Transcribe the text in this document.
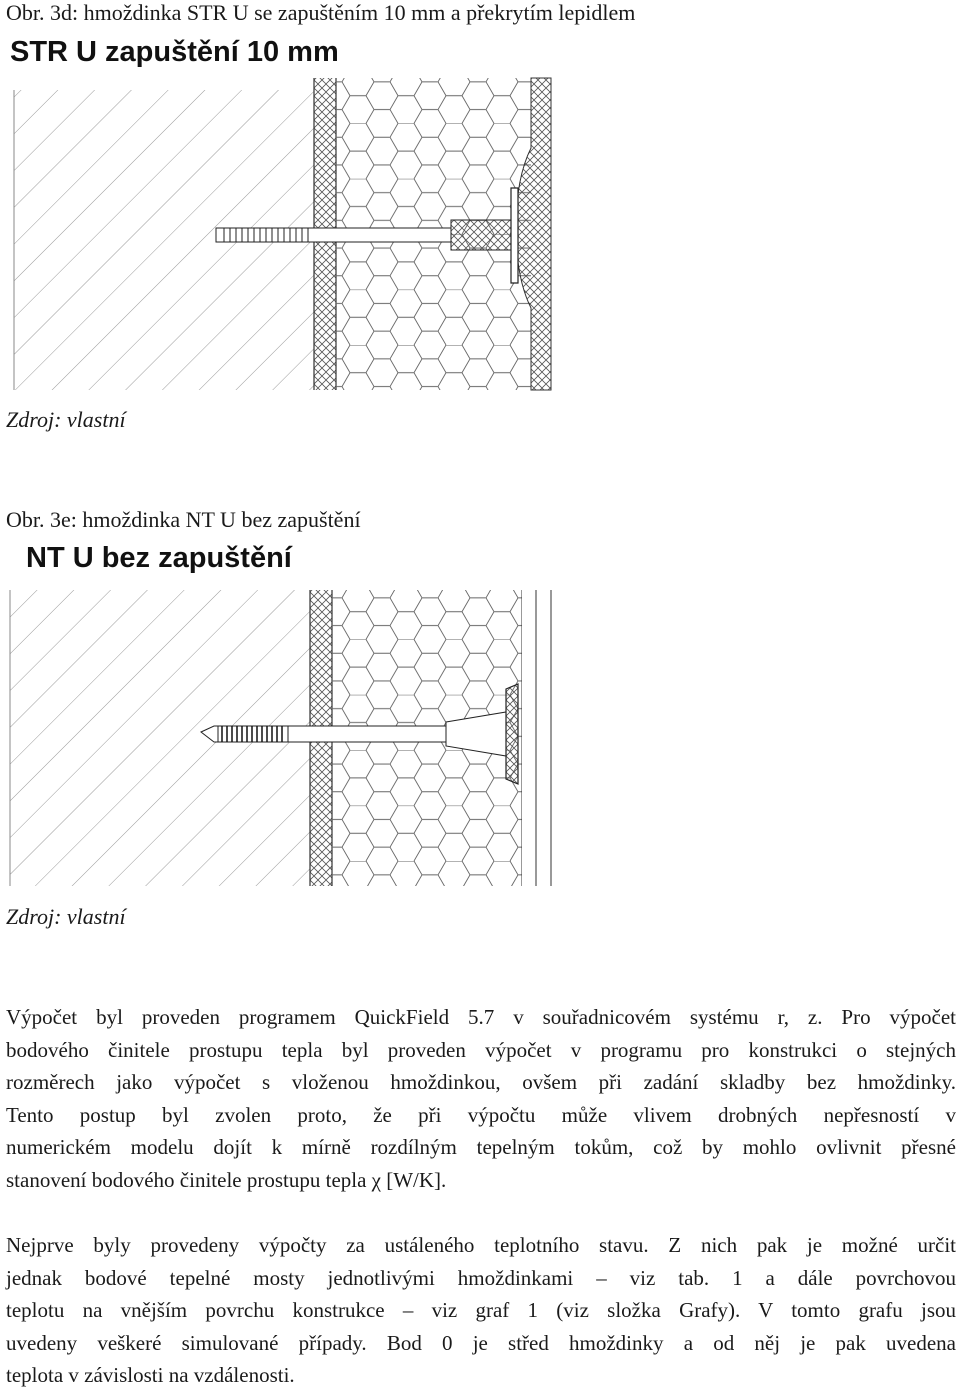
Obr. 3d: hmoždinka STR U se zapuštěním 10 mm a překrytím lepidlem
STR U zapuštění 10 mm
Zdroj: vlastní
Obr. 3e: hmoždinka NT U bez zapuštění
NT U bez zapuštění
Zdroj: vlastní
Výpočet byl proveden programem QuickField 5.7 v souřadnicovém systému r, z. Pro výpočet
bodového činitele prostupu tepla byl proveden výpočet v programu pro konstrukci o stejných
rozměrech jako výpočet s vloženou hmoždinkou, ovšem při zadání skladby bez hmoždinky.
Tento postup byl zvolen proto, že při výpočtu může vlivem drobných nepřesností v
numerickém modelu dojít k mírně rozdílným tepelným tokům, což by mohlo ovlivnit přesné
stanovení bodového činitele prostupu tepla χ [W/K].
Nejprve byly provedeny výpočty za ustáleného teplotního stavu. Z nich pak je možné určit
jednak bodové tepelné mosty jednotlivými hmoždinkami – viz tab. 1 a dále povrchovou
teplotu na vnějším povrchu konstrukce – viz graf 1 (viz složka Grafy). V tomto grafu jsou
uvedeny veškeré simulované případy. Bod 0 je střed hmoždinky a od něj je pak uvedena
teplota v závislosti na vzdálenosti.
